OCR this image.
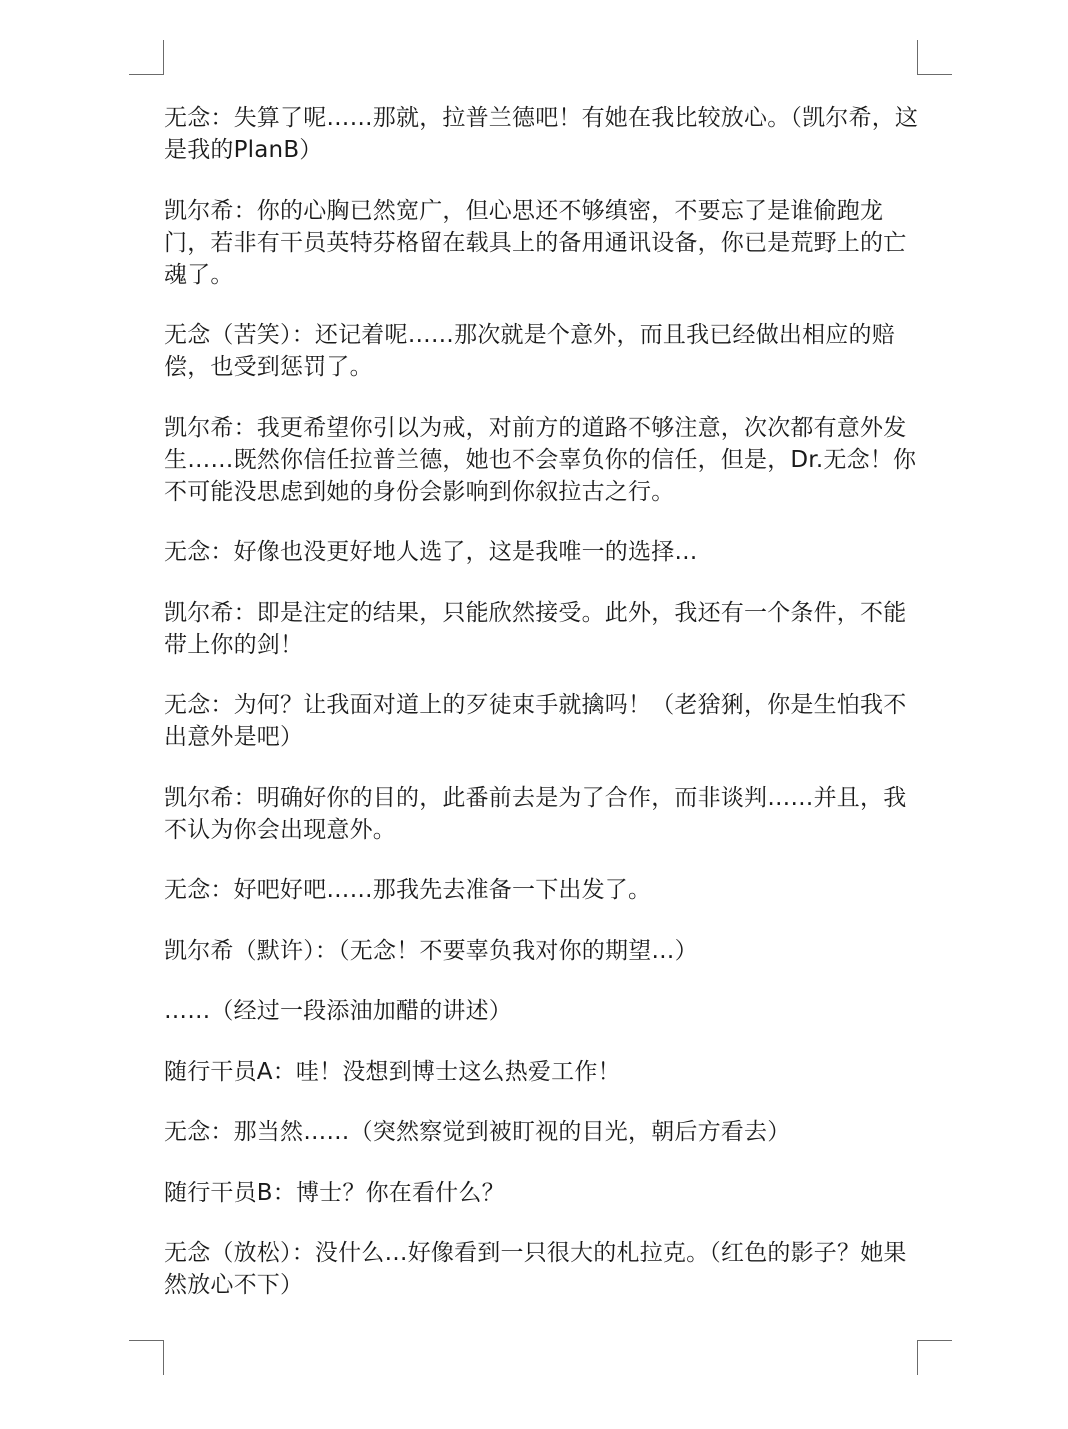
无念：失算了呢……那就，拉普兰德吧！有她在我比较放心。（凯尔希，这是我的PlanB）

凯尔希：你的心胸已然宽广，但心思还不够缜密，不要忘了是谁偷跑龙门，若非有干员英特芬格留在载具上的备用通讯设备，你已是荒野上的亡魂了。

无念（苦笑）：还记着呢……那次就是个意外，而且我已经做出相应的赔偿，也受到惩罚了。

凯尔希：我更希望你引以为戒，对前方的道路不够注意，次次都有意外发生……既然你信任拉普兰德，她也不会辜负你的信任，但是，Dr.无念！你不可能没思虑到她的身份会影响到你叙拉古之行。

无念：好像也没更好地人选了，这是我唯一的选择…

凯尔希：即是注定的结果，只能欣然接受。此外，我还有一个条件，不能带上你的剑！

无念：为何？让我面对道上的歹徒束手就擒吗！（老猞猁，你是生怕我不出意外是吧）

凯尔希：明确好你的目的，此番前去是为了合作，而非谈判……并且，我不认为你会出现意外。

无念：好吧好吧……那我先去准备一下出发了。

凯尔希（默许）：（无念！不要辜负我对你的期望…）

……（经过一段添油加醋的讲述）

随行干员A：哇！没想到博士这么热爱工作！

无念：那当然……（突然察觉到被盯视的目光，朝后方看去）

随行干员B：博士？你在看什么？

无念（放松）：没什么…好像看到一只很大的札拉克。（红色的影子？她果然放心不下）
